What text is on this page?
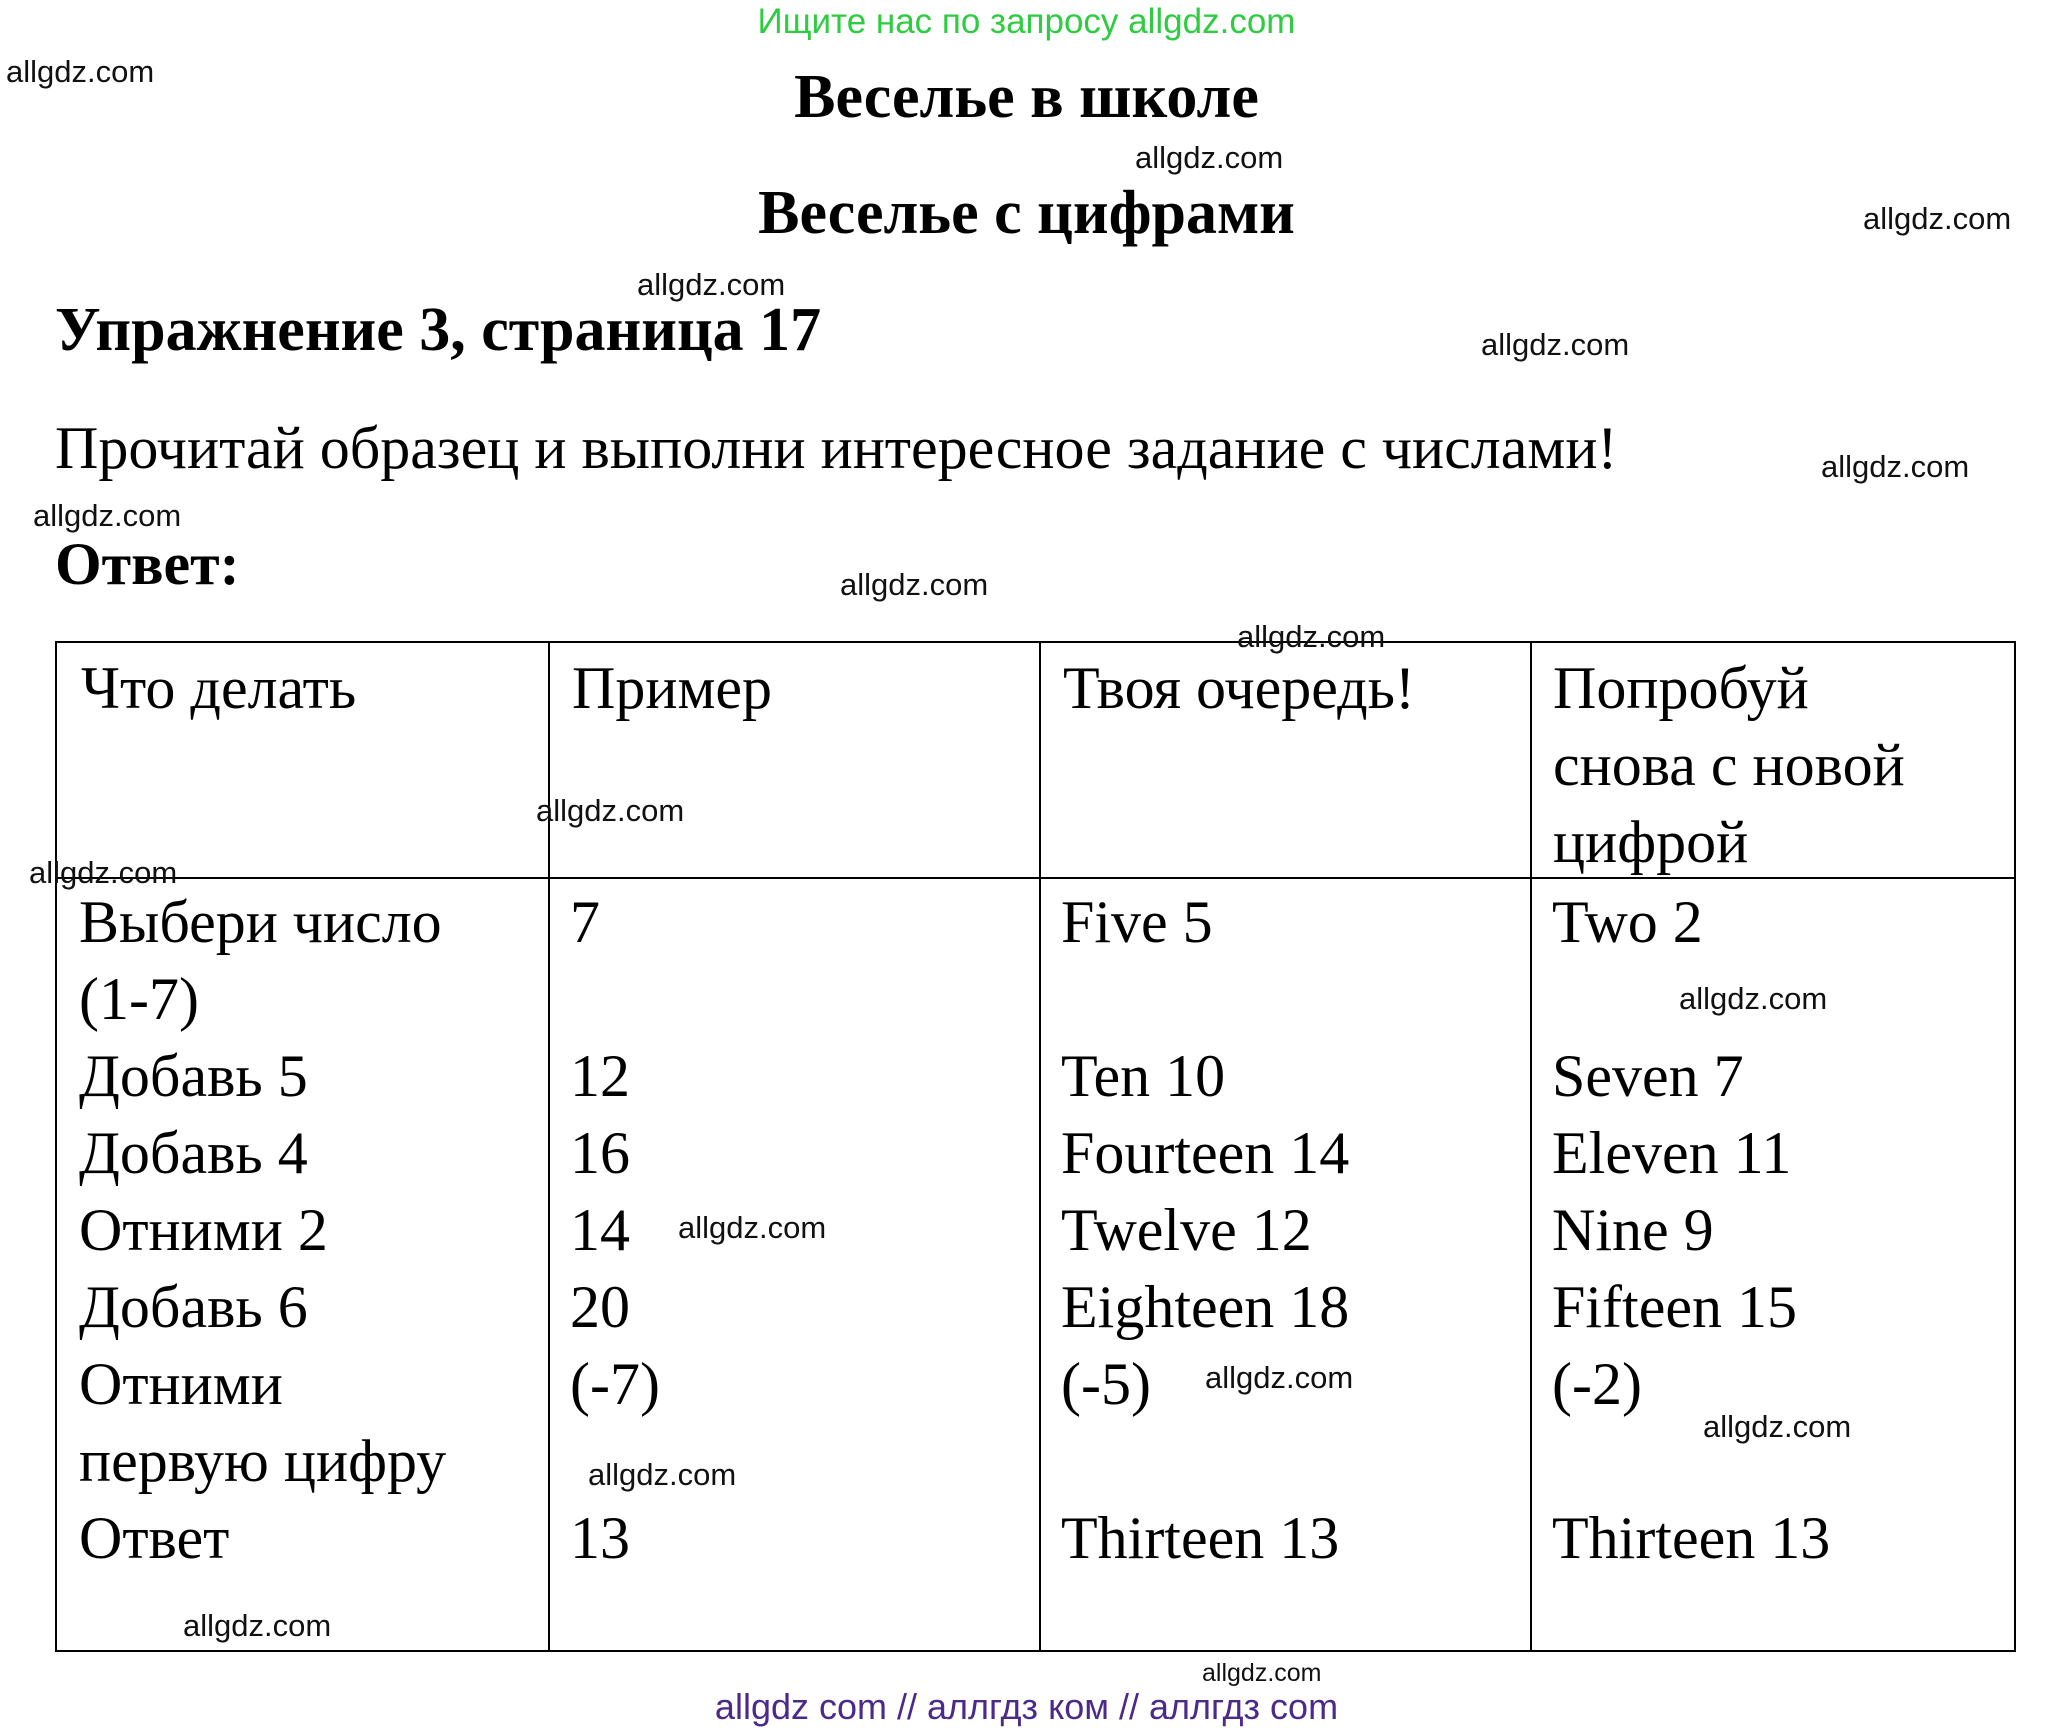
Ищите нас по запросу allgdz.com
Веселье в школе
Веселье с цифрами
Упражнение 3, страница 17
Прочитай образец и выполни интересное задание с числами!
Ответ:
Что делать	Пример	Твоя очередь! Попробуй
снова с новой
цифрой
Выбери число
(1-7)
Добавь 5
Добавь 4
Отними 2
Добавь 6
Отними
первую цифру
Ответ
7
12
16
14
20
(-7)
13
Five 5
Ten 10
Fourteen 14
Twelve 12
Eighteen 18
(-5)
Thirteen 13
Two 2
Seven 7
Eleven 11
Nine 9
Fifteen 15
(-2)
Thirteen 13
allgdz.com
allgdz.com
allgdz.com
allgdz.com
allgdz.com
allgdz.com
allgdz.com
allgdz.com
allgdz.com
allgdz.com
allgdz.com
allgdz.com
allgdz.com
allgdz.com
allgdz.com
allgdz.com
allgdz.com
allgdz.com
allgdz com // аллгдз ком // аллгдз com
